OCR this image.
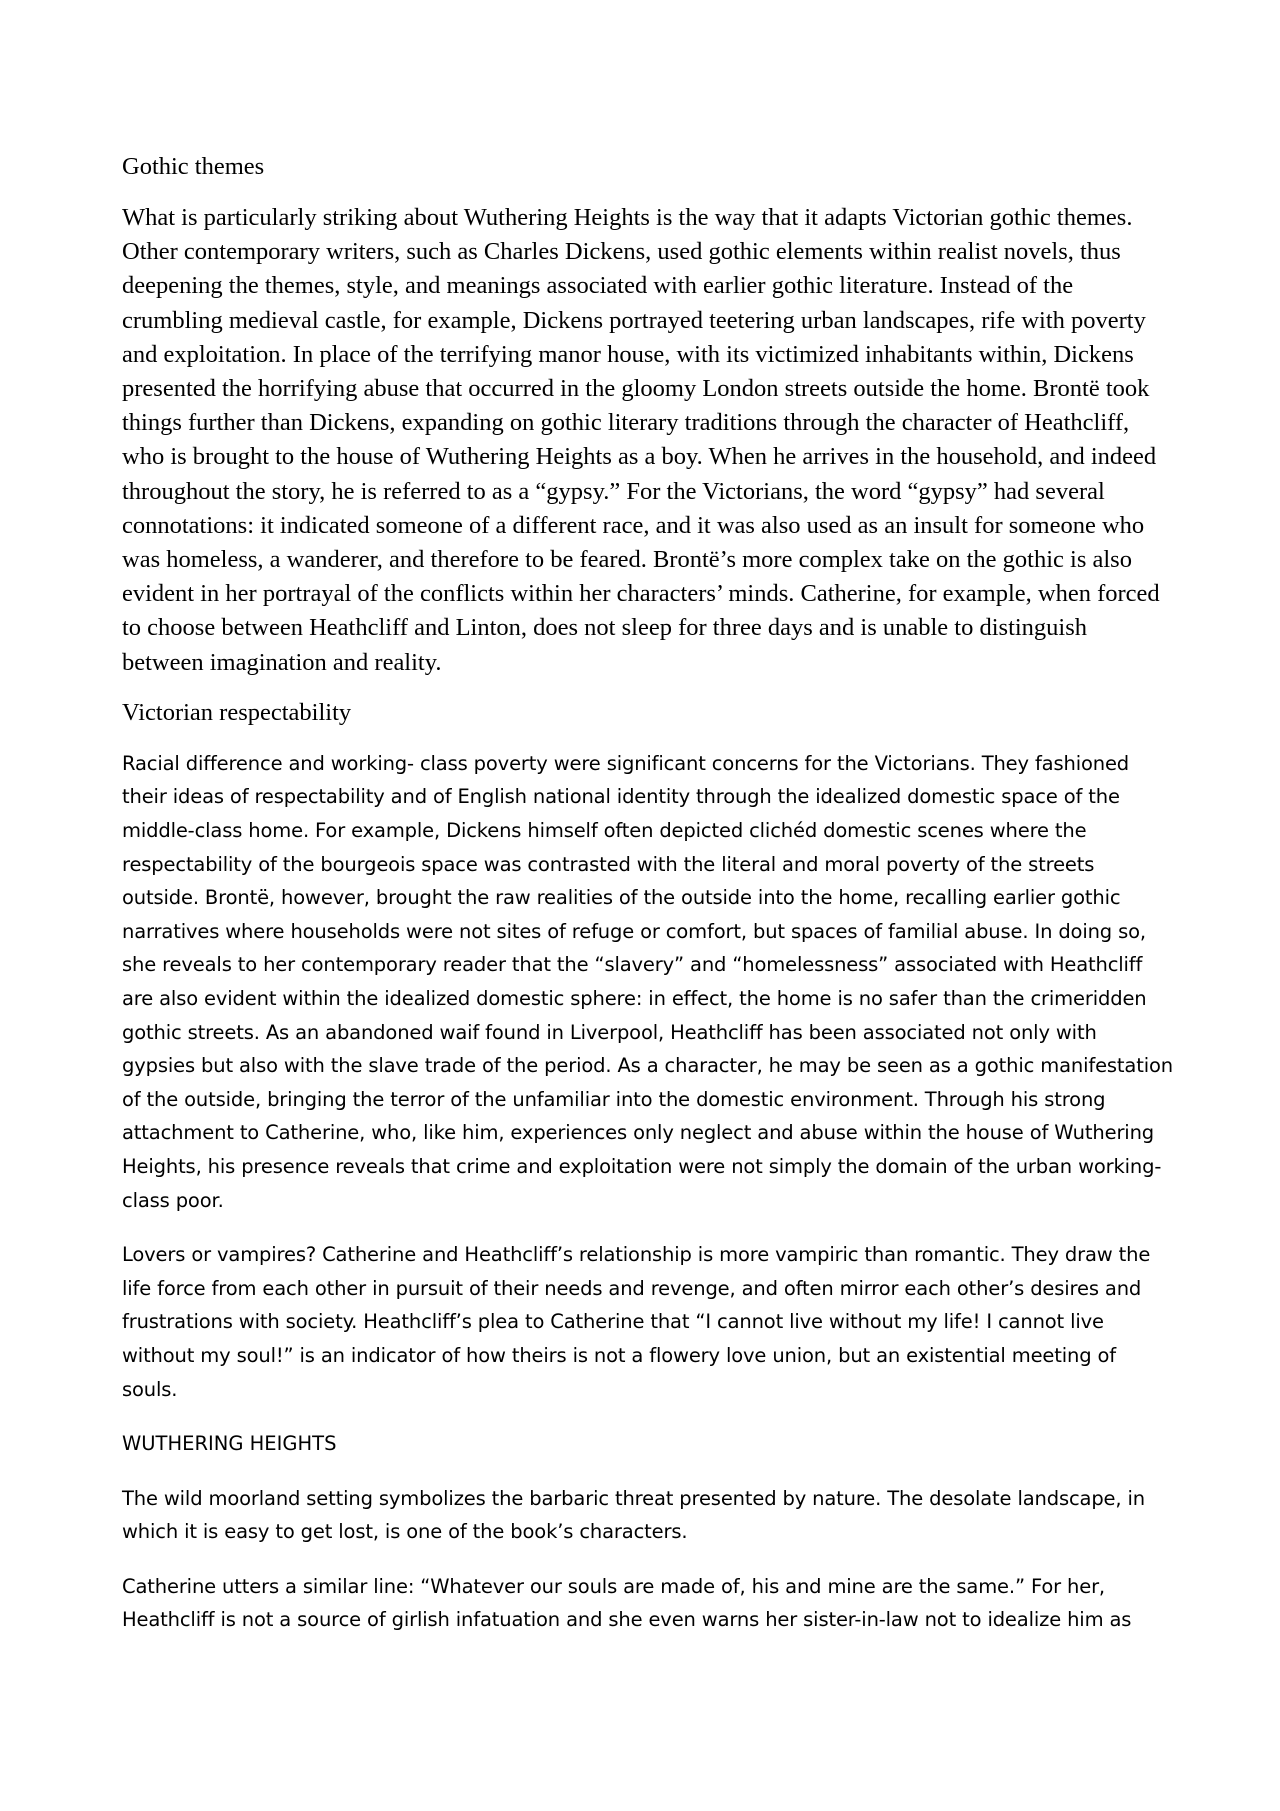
Gothic themes

What is particularly striking about Wuthering Heights is the way that it adapts Victorian gothic themes. Other contemporary writers, such as Charles Dickens, used gothic elements within realist novels, thus deepening the themes, style, and meanings associated with earlier gothic literature. Instead of the crumbling medieval castle, for example, Dickens portrayed teetering urban landscapes, rife with poverty and exploitation. In place of the terrifying manor house, with its victimized inhabitants within, Dickens presented the horrifying abuse that occurred in the gloomy London streets outside the home. Brontë took things further than Dickens, expanding on gothic literary traditions through the character of Heathcliff, who is brought to the house of Wuthering Heights as a boy. When he arrives in the household, and indeed throughout the story, he is referred to as a “gypsy.” For the Victorians, the word “gypsy” had several connotations: it indicated someone of a different race, and it was also used as an insult for someone who was homeless, a wanderer, and therefore to be feared. Brontë’s more complex take on the gothic is also evident in her portrayal of the conflicts within her characters’ minds. Catherine, for example, when forced to choose between Heathcliff and Linton, does not sleep for three days and is unable to distinguish between imagination and reality.

Victorian respectability

Racial difference and working- class poverty were significant concerns for the Victorians. They fashioned their ideas of respectability and of English national identity through the idealized domestic space of the middle-class home. For example, Dickens himself often depicted clichéd domestic scenes where the respectability of the bourgeois space was contrasted with the literal and moral poverty of the streets outside. Brontë, however, brought the raw realities of the outside into the home, recalling earlier gothic narratives where households were not sites of refuge or comfort, but spaces of familial abuse. In doing so, she reveals to her contemporary reader that the “slavery” and “homelessness” associated with Heathcliff are also evident within the idealized domestic sphere: in effect, the home is no safer than the crimeridden gothic streets. As an abandoned waif found in Liverpool, Heathcliff has been associated not only with gypsies but also with the slave trade of the period. As a character, he may be seen as a gothic manifestation of the outside, bringing the terror of the unfamiliar into the domestic environment. Through his strong attachment to Catherine, who, like him, experiences only neglect and abuse within the house of Wuthering Heights, his presence reveals that crime and exploitation were not simply the domain of the urban working-class poor.

Lovers or vampires? Catherine and Heathcliff’s relationship is more vampiric than romantic. They draw the life force from each other in pursuit of their needs and revenge, and often mirror each other’s desires and frustrations with society. Heathcliff’s plea to Catherine that “I cannot live without my life! I cannot live without my soul!” is an indicator of how theirs is not a flowery love union, but an existential meeting of souls.

WUTHERING HEIGHTS

The wild moorland setting symbolizes the barbaric threat presented by nature. The desolate landscape, in which it is easy to get lost, is one of the book’s characters.

Catherine utters a similar line: “Whatever our souls are made of, his and mine are the same.” For her, Heathcliff is not a source of girlish infatuation and she even warns her sister-in-law not to idealize him as
